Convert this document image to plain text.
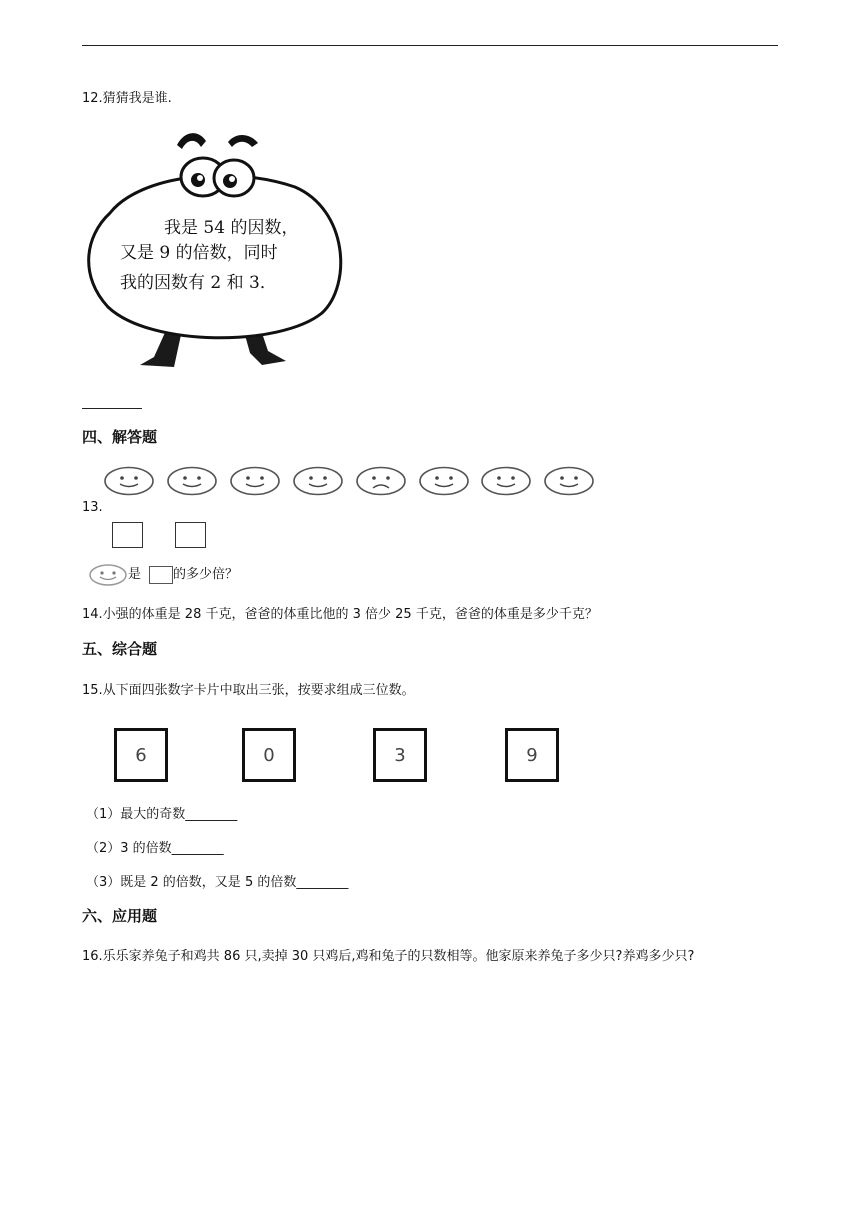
12.猜猜我是谁.
我是 54 的因数，
又是 9 的倍数，同时
我的因数有 2 和 3．
四、解答题
13.
是 的多少倍？
14.小强的体重是 28 千克，爸爸的体重比他的 3 倍少 25 千克，爸爸的体重是多少千克？
五、综合题
15.从下面四张数字卡片中取出三张，按要求组成三位数。
6	0	3	9
（1）最大的奇数________
（2）3 的倍数________
（3）既是 2 的倍数，又是 5 的倍数________
六、应用题
16.乐乐家养兔子和鸡共 86 只,卖掉 30 只鸡后,鸡和兔子的只数相等。他家原来养兔子多少只?养鸡多少只?
